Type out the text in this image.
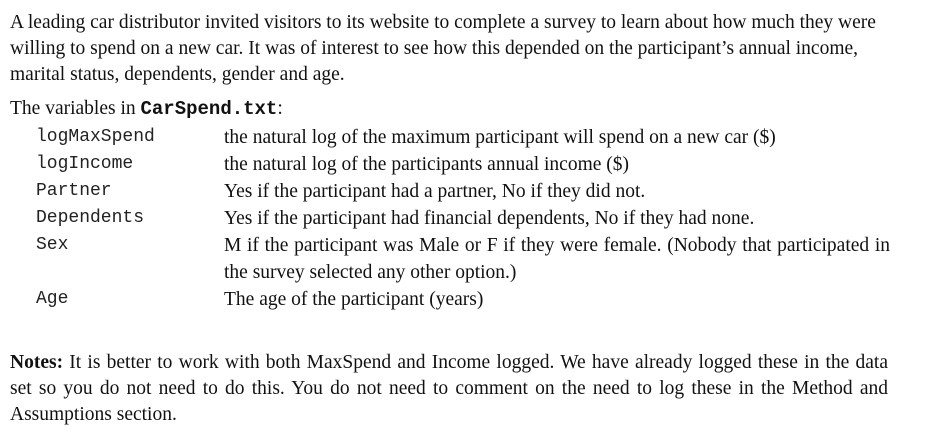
A leading car distributor invited visitors to its website to complete a survey to learn about how much they were willing to spend on a new car. It was of interest to see how this depended on the participant’s annual income, marital status, dependents, gender and age.

The variables in CarSpend.txt:

logMaxSpend	the natural log of the maximum participant will spend on a new car ($)
logIncome	the natural log of the participants annual income ($)
Partner	Yes if the participant had a partner, No if they did not.
Dependents	Yes if the participant had financial dependents, No if they had none.
Sex	M if the participant was Male or F if they were female. (Nobody that participated in the survey selected any other option.)
Age	The age of the participant (years)

Notes: It is better to work with both MaxSpend and Income logged. We have already logged these in the data set so you do not need to do this. You do not need to comment on the need to log these in the Method and Assumptions section.
